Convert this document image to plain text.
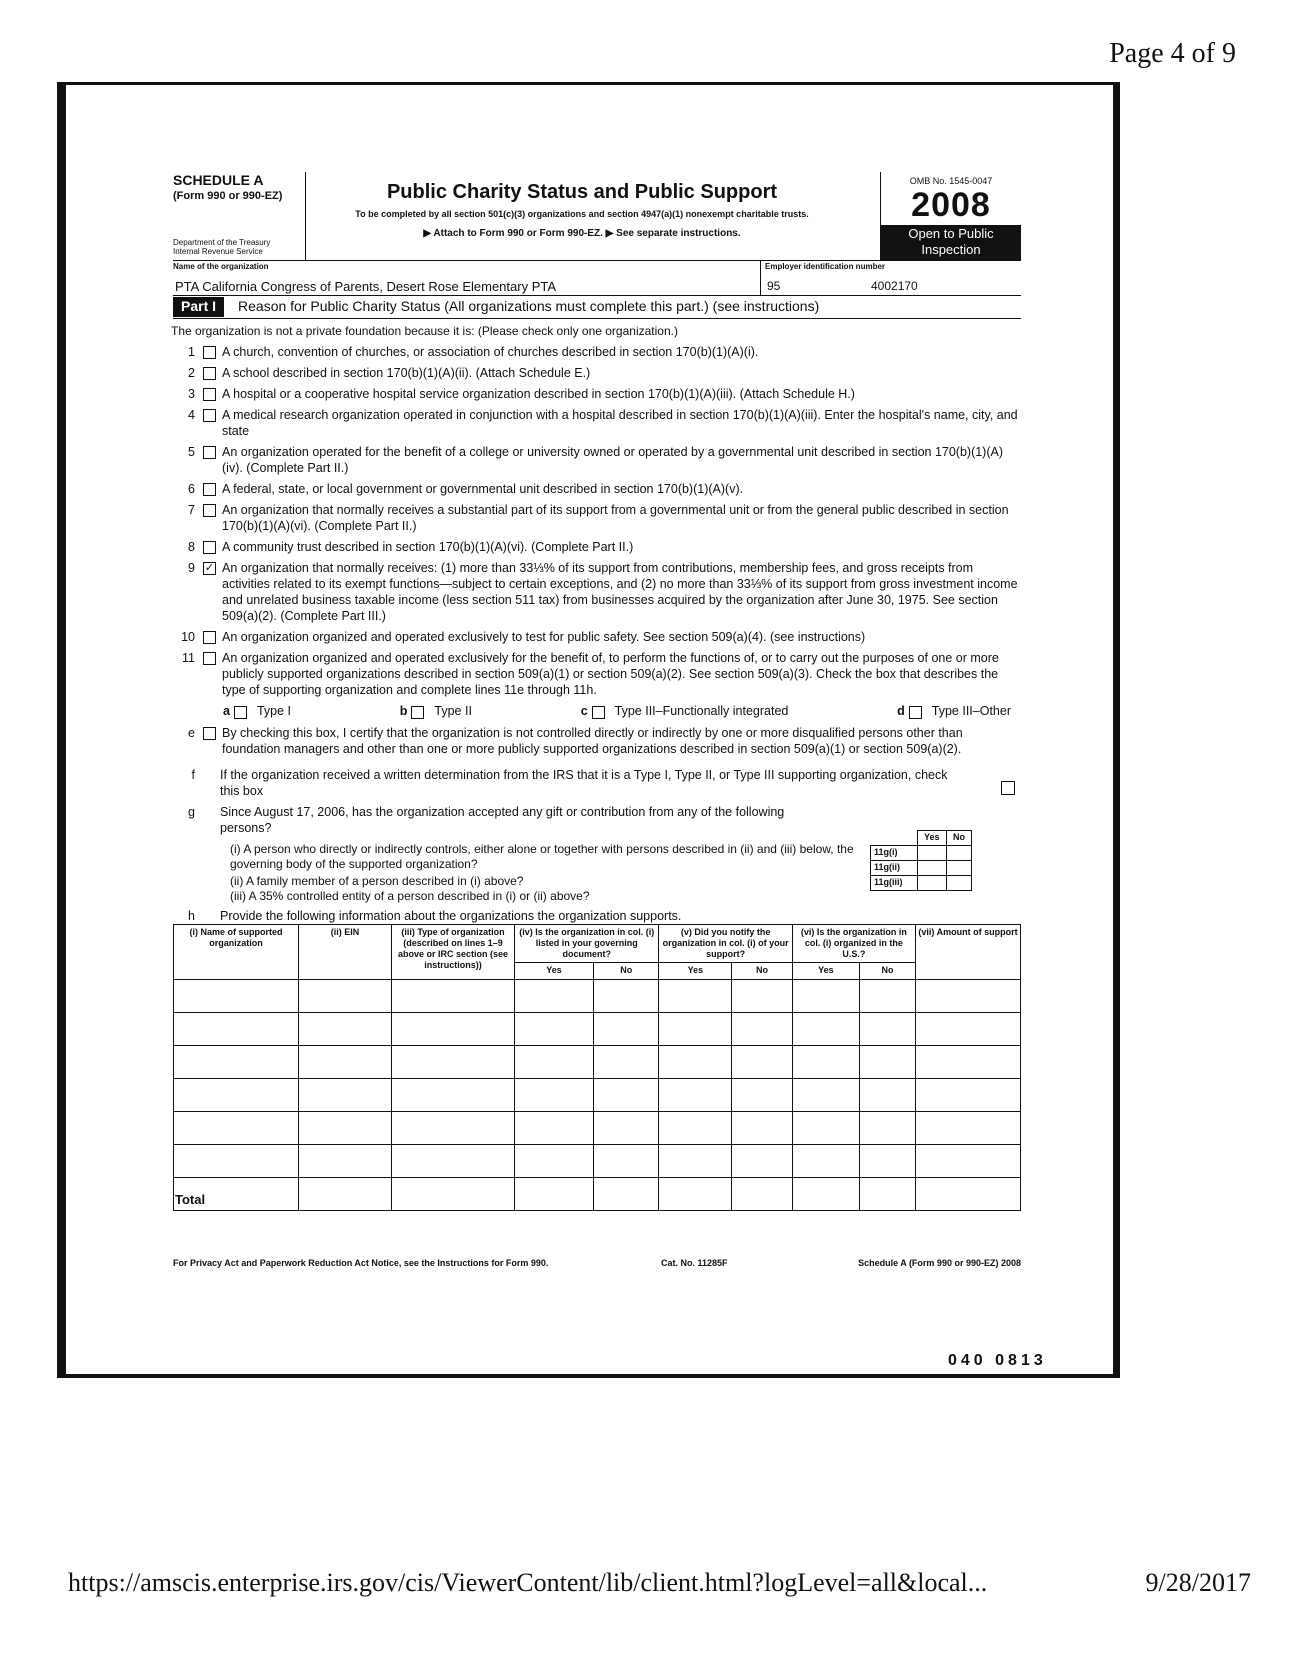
Page 4 of 9
SCHEDULE A
(Form 990 or 990-EZ)
Department of the Treasury
Internal Revenue Service
Public Charity Status and Public Support
To be completed by all section 501(c)(3) organizations and section 4947(a)(1) nonexempt charitable trusts.
▶ Attach to Form 990 or Form 990-EZ. ▶ See separate instructions.
OMB No. 1545-0047
2008
Open to Public
Inspection
Name of the organization
PTA California Congress of Parents, Desert Rose Elementary PTA
Employer identification number
95	4002170
Part I	Reason for Public Charity Status (All organizations must complete this part.) (see instructions)
The organization is not a private foundation because it is: (Please check only one organization.)
1	A church, convention of churches, or association of churches described in section 170(b)(1)(A)(i).
2	A school described in section 170(b)(1)(A)(ii). (Attach Schedule E.)
3	A hospital or a cooperative hospital service organization described in section 170(b)(1)(A)(iii). (Attach Schedule H.)
4	A medical research organization operated in conjunction with a hospital described in section 170(b)(1)(A)(iii). Enter the hospital's name, city, and state
5	An organization operated for the benefit of a college or university owned or operated by a governmental unit described in section 170(b)(1)(A)(iv). (Complete Part II.)
6	A federal, state, or local government or governmental unit described in section 170(b)(1)(A)(v).
7	An organization that normally receives a substantial part of its support from a governmental unit or from the general public described in section 170(b)(1)(A)(vi). (Complete Part II.)
8	A community trust described in section 170(b)(1)(A)(vi). (Complete Part II.)
9 ✓ An organization that normally receives: (1) more than 33⅓% of its support from contributions, membership fees, and gross receipts from activities related to its exempt functions—subject to certain exceptions, and (2) no more than 33⅓% of its support from gross investment income and unrelated business taxable income (less section 511 tax) from businesses acquired by the organization after June 30, 1975. See section 509(a)(2). (Complete Part III.)
10	An organization organized and operated exclusively to test for public safety. See section 509(a)(4). (see instructions)
11	An organization organized and operated exclusively for the benefit of, to perform the functions of, or to carry out the purposes of one or more publicly supported organizations described in section 509(a)(1) or section 509(a)(2). See section 509(a)(3). Check the box that describes the type of supporting organization and complete lines 11e through 11h.
a Type I	b Type II	c Type III–Functionally integrated	d Type III–Other
e	By checking this box, I certify that the organization is not controlled directly or indirectly by one or more disqualified persons other than foundation managers and other than one or more publicly supported organizations described in section 509(a)(1) or section 509(a)(2).
f	If the organization received a written determination from the IRS that it is a Type I, Type II, or Type III supporting organization, check this box
g	Since August 17, 2006, has the organization accepted any gift or contribution from any of the following persons?
(i) A person who directly or indirectly controls, either alone or together with persons described in (ii) and (iii) below, the governing body of the supported organization?
(ii) A family member of a person described in (i) above?
(iii) A 35% controlled entity of a person described in (i) or (ii) above?
	Yes	No
11g(i)		
11g(ii)		
11g(iii)		
h	Provide the following information about the organizations the organization supports.
(i) Name of supported organization	(ii) EIN	(iii) Type of organization (described on lines 1–9 above or IRC section (see instructions))	(iv) Is the organization in col. (i) listed in your governing document?		(v) Did you notify the organization in col. (i) of your support?		(vi) Is the organization in col. (i) organized in the U.S.?		(vii) Amount of support
			Yes	No	Yes	No	Yes	No	

Total									
For Privacy Act and Paperwork Reduction Act Notice, see the Instructions for Form 990.	Cat. No. 11285F	Schedule A (Form 990 or 990-EZ) 2008
040 0813
https://amscis.enterprise.irs.gov/cis/ViewerContent/lib/client.html?logLevel=all&local...	9/28/2017
